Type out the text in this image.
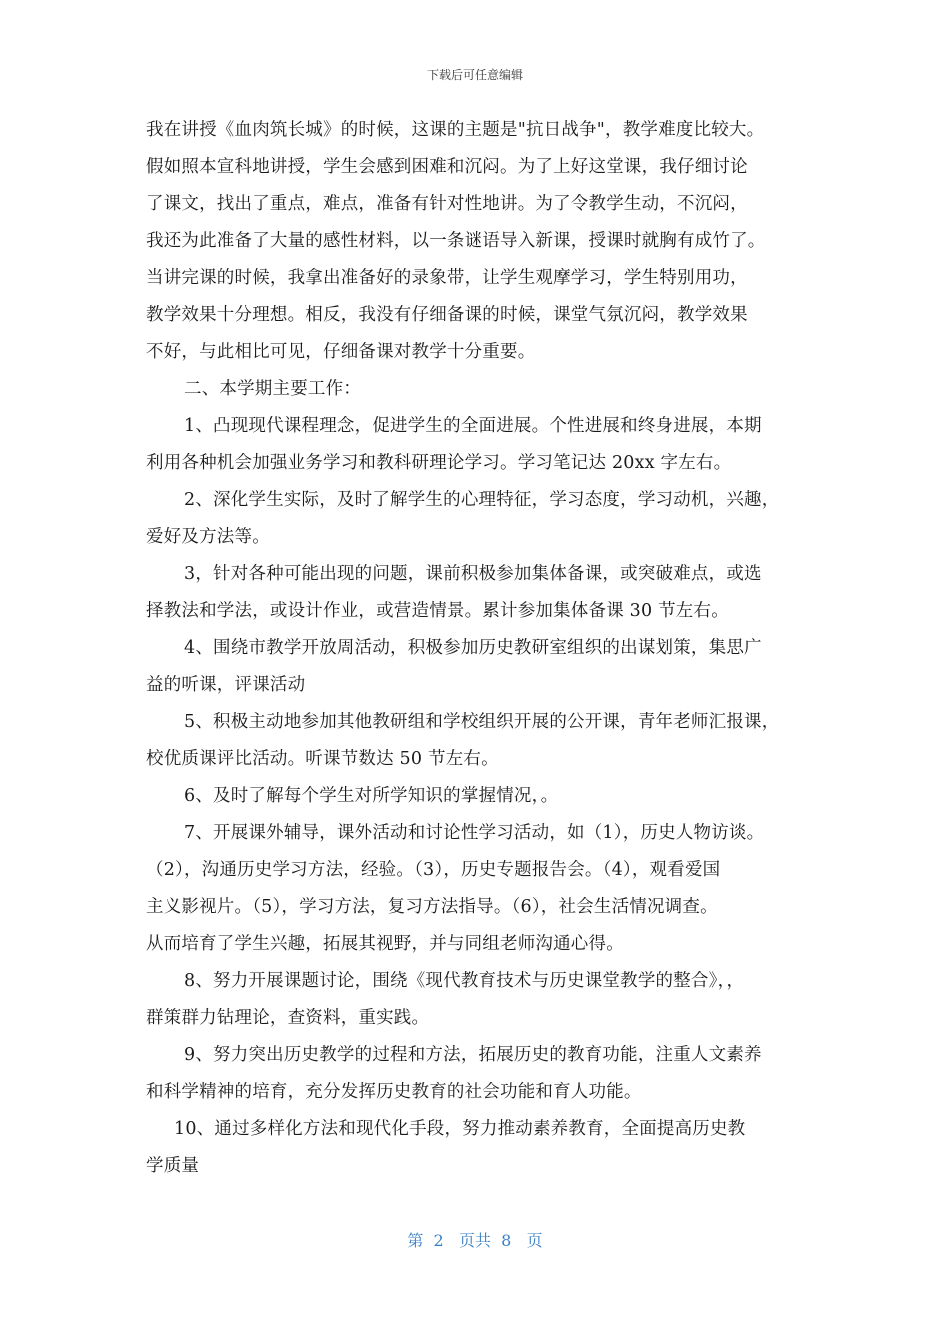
下载后可任意编辑
我在讲授《血肉筑长城》的时候，这课的主题是"抗日战争"，教学难度比较大。
假如照本宣科地讲授，学生会感到困难和沉闷。为了上好这堂课，我仔细讨论
了课文，找出了重点，难点，准备有针对性地讲。为了令教学生动，不沉闷，
我还为此准备了大量的感性材料，以一条谜语导入新课，授课时就胸有成竹了。
当讲完课的时候，我拿出准备好的录象带，让学生观摩学习，学生特别用功，
教学效果十分理想。相反，我没有仔细备课的时候，课堂气氛沉闷，教学效果
不好，与此相比可见，仔细备课对教学十分重要。
二、本学期主要工作：
1、凸现现代课程理念，促进学生的全面进展。个性进展和终身进展，本期
利用各种机会加强业务学习和教科研理论学习。学习笔记达 20xx 字左右。
2、深化学生实际，及时了解学生的心理特征，学习态度，学习动机，兴趣，
爱好及方法等。
3，针对各种可能出现的问题，课前积极参加集体备课，或突破难点，或选
择教法和学法，或设计作业，或营造情景。累计参加集体备课 30 节左右。
4、围绕市教学开放周活动，积极参加历史教研室组织的出谋划策，集思广
益的听课，评课活动
5、积极主动地参加其他教研组和学校组织开展的公开课，青年老师汇报课，
校优质课评比活动。听课节数达 50 节左右。
6、及时了解每个学生对所学知识的掌握情况，。
7、开展课外辅导，课外活动和讨论性学习活动，如（1），历史人物访谈。
（2），沟通历史学习方法，经验。（3），历史专题报告会。（4），观看爱国
主义影视片。（5），学习方法，复习方法指导。（6），社会生活情况调查。
从而培育了学生兴趣，拓展其视野，并与同组老师沟通心得。
8、努力开展课题讨论，围绕《现代教育技术与历史课堂教学的整合》，，
群策群力钻理论，查资料，重实践。
9、努力突出历史教学的过程和方法，拓展历史的教育功能，注重人文素养
和科学精神的培育，充分发挥历史教育的社会功能和育人功能。
10、通过多样化方法和现代化手段，努力推动素养教育，全面提高历史教
学质量
第  2   页共  8   页
